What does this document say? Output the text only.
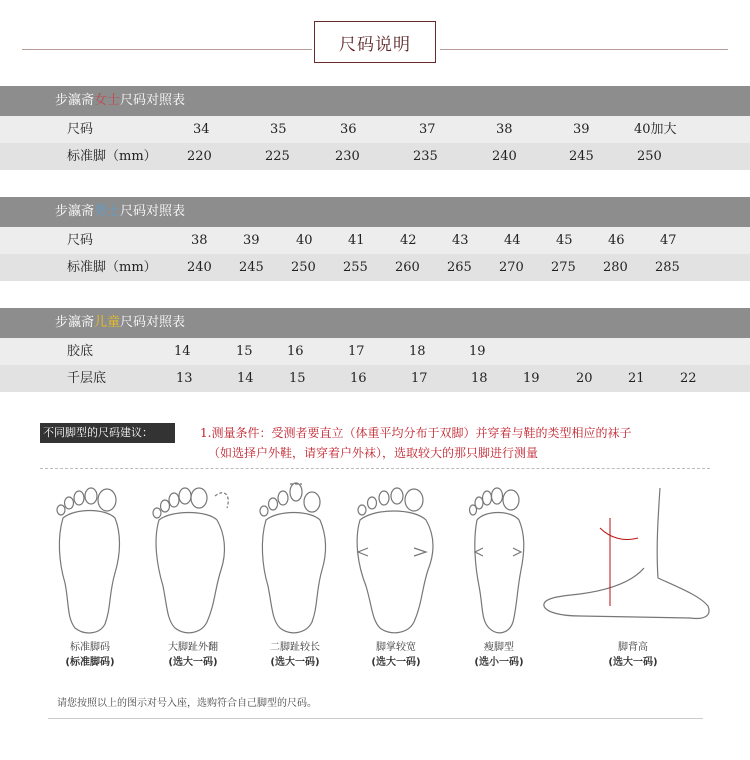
尺码说明
步瀛斋女士尺码对照表
尺码	34	35	36	37	38	39	40加大
标准脚（mm） 220	225	230	235	240	245	250
步瀛斋男士尺码对照表
尺码	38	39	40	41	42	43	44	45	46	47
标准脚（mm） 240 245 250 255 260 265 270 275 280 285
步瀛斋儿童尺码对照表
胶底	14	15	16	17	18	19
千层底	13	14	15	16	17	18	19	20	21	22
不同脚型的尺码建议：	1.测量条件：受测者要直立（体重平均分布于双脚）并穿着与鞋的类型相应的袜子
（如选择户外鞋，请穿着户外袜），选取较大的那只脚进行测量
标准脚码
(标准脚码)
大脚趾外翻
(选大一码)
二脚趾较长
(选大一码)
脚掌较宽
(选大一码)
瘦脚型
(选小一码)
脚背高
(选大一码)
请您按照以上的图示对号入座，选购符合自己脚型的尺码。
